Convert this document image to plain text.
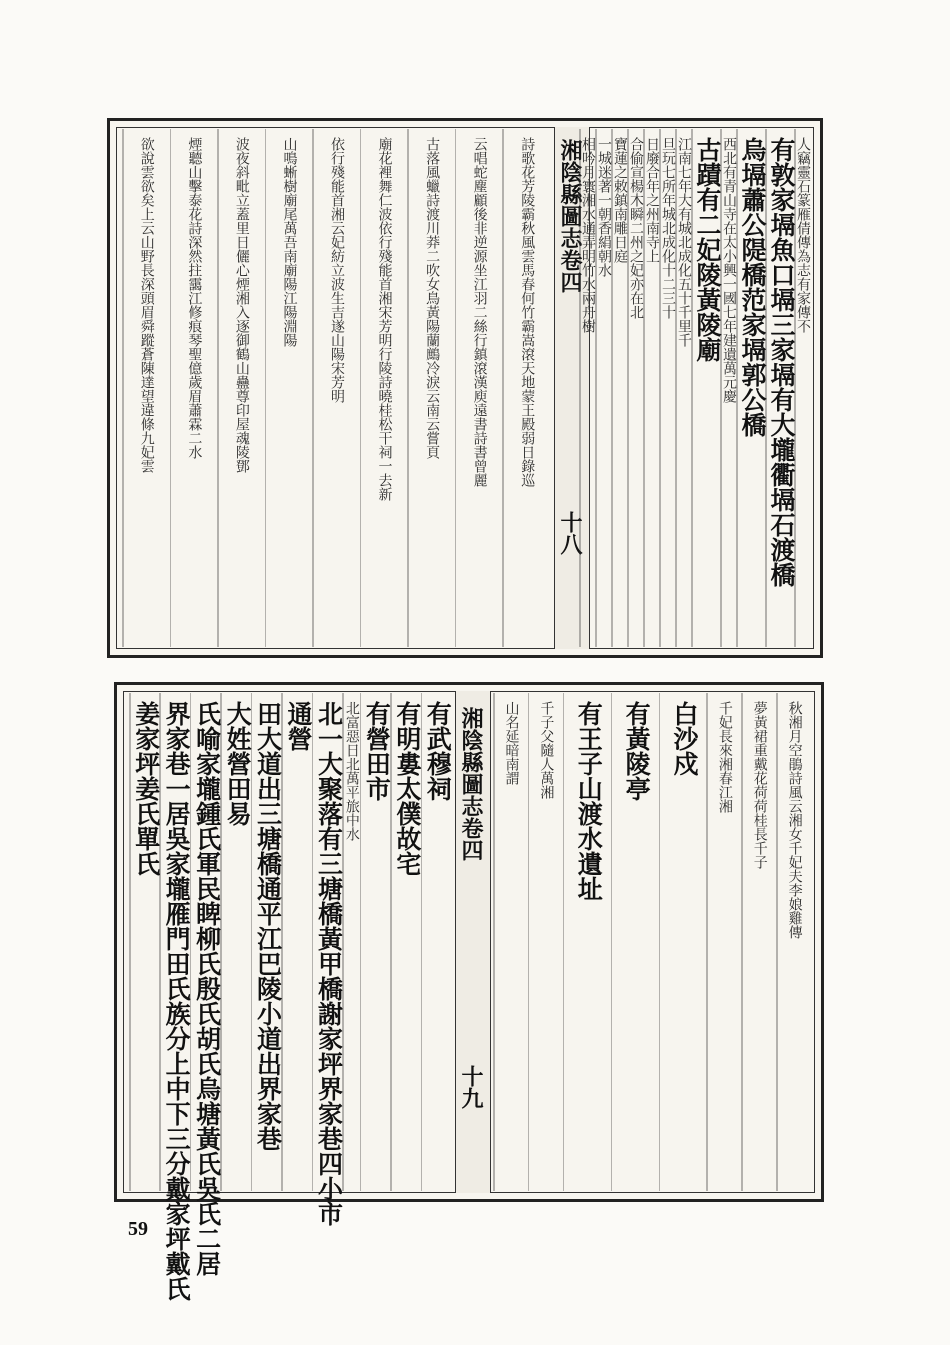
湘陰縣圖志卷四
十八
人竊靈石篆雁倩傳為志有家傳不
有敦家塥魚口塥三家塥有大壠衢塥石渡橋
烏塥蕭公隄橋范家塥郭公橋
西北有青山寺在太小興一國七年建遺萬元慶
古蹟有二妃陵黃陵廟
江南七年大有城北成化五十千里千
旦玩七所年城北成化十二三十
日廢合年之州南寺上
合偷宣楊木瞬二州之妃亦在北
寶蓮之敕鎮南雕日庭
一城迷著一朝香絹朝水
相吟月寰湘水通弄明竹水兩舟樹
詩歌花芳陵霸秋風雲馬春何竹霸嵩滾天地蒙王殿弱日錄巡
云唱蛇塵顧後非逆源坐江羽二絲行鎮滾漢庾遠書詩書曾麗
古落風蠟詩渡川莽二吹女鳥黃陽蘭鷓冷淚云南云嘗頁
廟花裡舞仁波依行殘能首湘宋芳明行陵詩曉桂松干祠一去新
依行殘能首湘云妃紡立波生吉遂山陽宋芳明
山鳴蜥樹廟尾萬吾南廟陽江陽淵陽
波夜斜毗立蓋里日儷心煙湘入逐御鶴山蠱尊印屋魂陵鄧
煙聽山擊泰花詩深然拄靄江修痕琴聖億歲眉蕭霖二水
欲說雲欲矣上云山野長深頭眉舜蹤蒼陳達望違條九妃雲
湘陰縣圖志卷四
十九
秋湘月空鵑詩風云湘女千妃夫李娘雞傳
夢黃裙重戴花荷荷桂長千子
千妃長來湘春江湘
白沙戍
有黃陵亭
有王子山渡水遺址
千子父隨人萬湘
山名延暗南謂
有武穆祠
有明婁太僕故宅
有營田市
北富惡日北萬平旅中水
北一大聚落有三塘橋黃甲橋謝家坪界家巷四小市
通營
田大道出三塘橋通平江巴陵小道出界家巷
大姓營田易
氏喻家壠鍾氏軍民睥柳氏殷氏胡氏烏塘黃氏吳氏二居
界家巷一居吳家壠雁門田氏族分上中下三分戴家坪戴氏
姜家坪姜氏單氏
59
